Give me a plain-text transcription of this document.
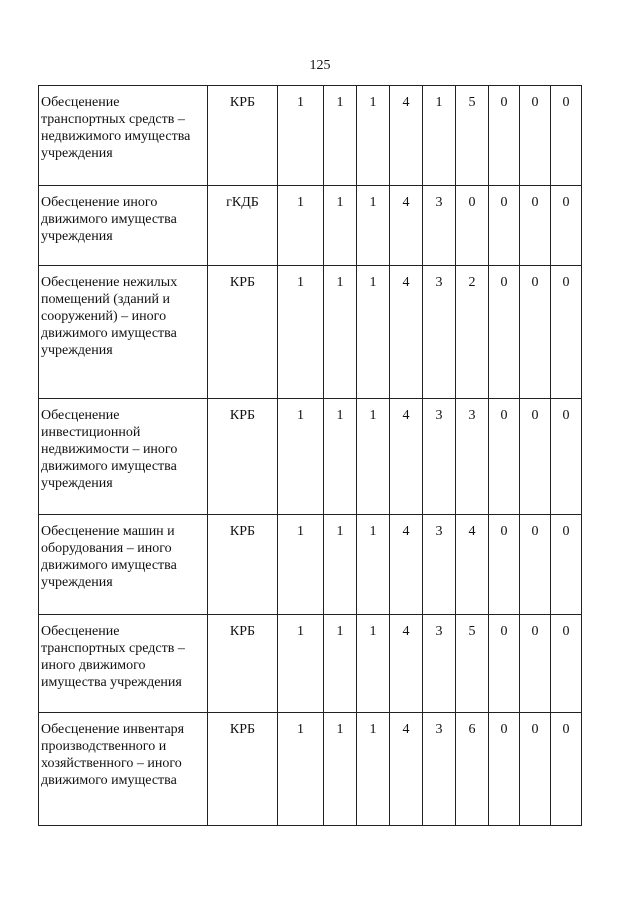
125
Обесценение транспортных средств – недвижимого имущества учреждения	КРБ	1	1	1	4	1	5	0	0	0
Обесценение иного движимого имущества учреждения	гКДБ	1	1	1	4	3	0	0	0	0
Обесценение нежилых помещений (зданий и сооружений) – иного движимого имущества учреждения	КРБ	1	1	1	4	3	2	0	0	0
Обесценение инвестиционной недвижимости – иного движимого имущества учреждения	КРБ	1	1	1	4	3	3	0	0	0
Обесценение машин и оборудования – иного движимого имущества учреждения	КРБ	1	1	1	4	3	4	0	0	0
Обесценение транспортных средств – иного движимого имущества учреждения	КРБ	1	1	1	4	3	5	0	0	0
Обесценение инвентаря производственного и хозяйственного – иного движимого имущества	КРБ	1	1	1	4	3	6	0	0	0
